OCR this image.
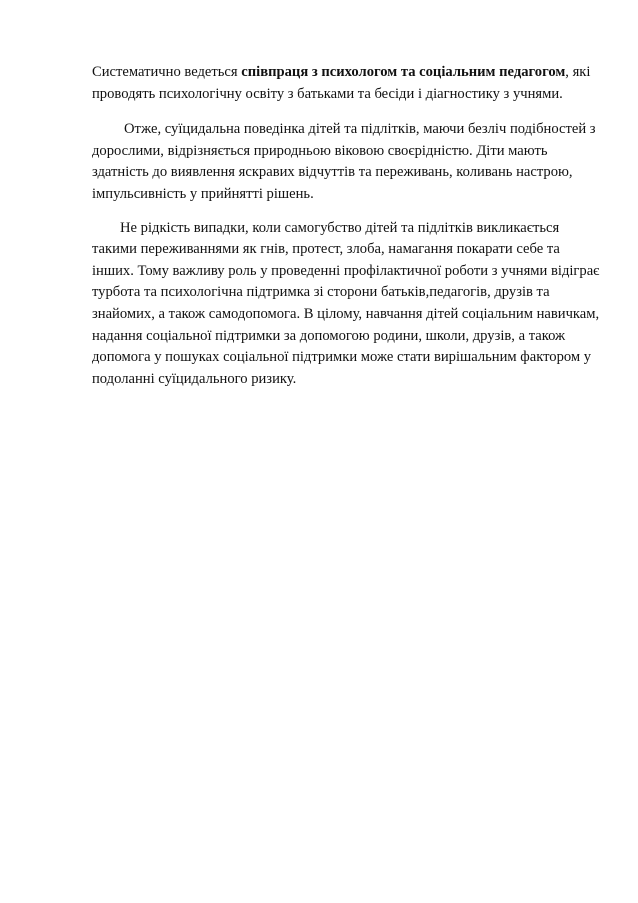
Систематично ведеться співпраця з психологом та соціальним педагогом, які проводять психологічну освіту з батьками та бесіди і діагностику з учнями.

Отже, суїцидальна поведінка дітей та підлітків, маючи безліч подібностей з дорослими, відрізняється природньою віковою своєрідністю. Діти мають здатність до виявлення яскравих відчуттів та переживань, коливань настрою, імпульсивність у прийнятті рішень.

Не рідкість випадки, коли самогубство дітей та підлітків викликається такими переживаннями як гнів, протест, злоба, намагання покарати себе та інших. Тому важливу роль у проведенні профілактичної роботи з учнями відіграє турбота та психологічна підтримка зі сторони батьків,педагогів, друзів та знайомих, а також самодопомога. В цілому, навчання дітей соціальним навичкам, надання соціальної підтримки за допомогою родини, школи, друзів, а також допомога у пошуках соціальної підтримки може стати вирішальним фактором у подоланні суїцидального ризику.
